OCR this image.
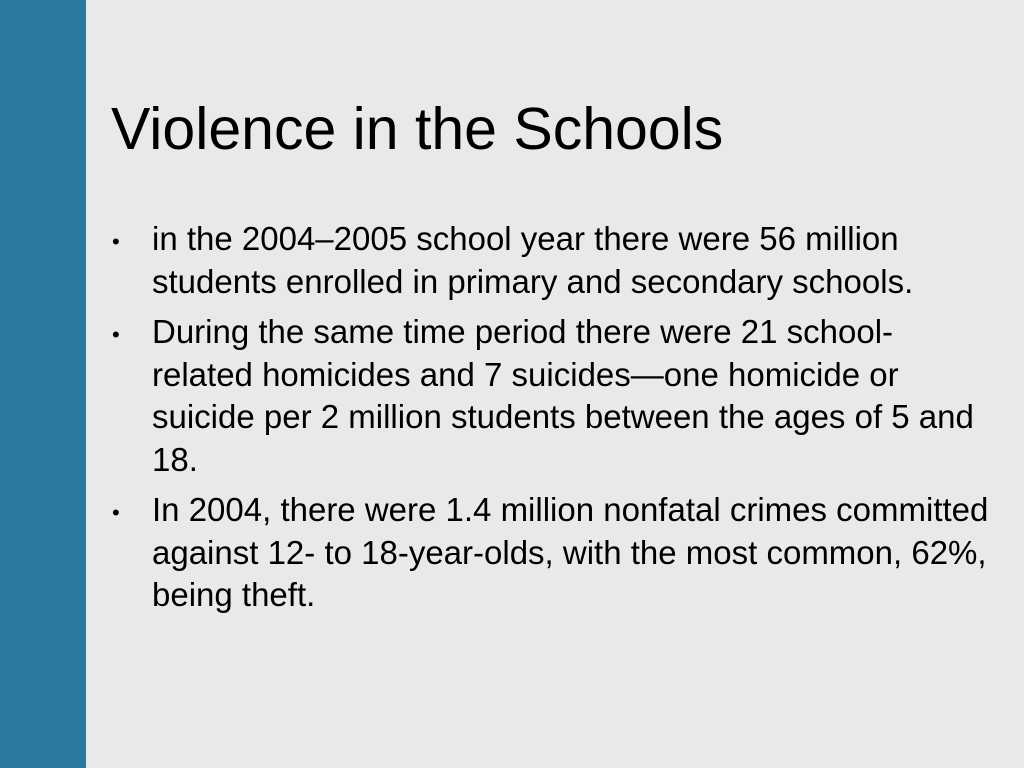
Violence in the Schools
• in the 2004–2005 school year there were 56 million students enrolled in primary and secondary schools.
• During the same time period there were 21 school-related homicides and 7 suicides—one homicide or suicide per 2 million students between the ages of 5 and 18.
• In 2004, there were 1.4 million nonfatal crimes committed against 12- to 18-year-olds, with the most common, 62%, being theft.
